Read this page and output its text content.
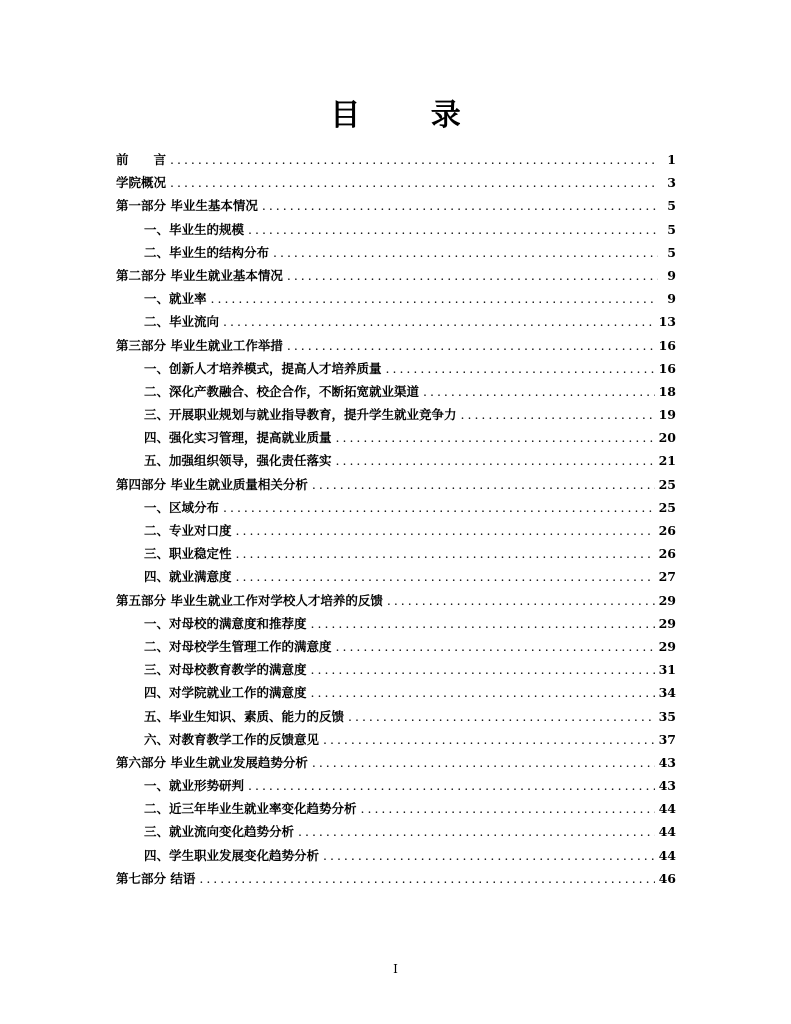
目 录
前　　言 .....	1
学院概况 .....	3
第一部分 毕业生基本情况 .....	5
一、毕业生的规模 .....	5
二、毕业生的结构分布 .....	5
第二部分 毕业生就业基本情况 .....	9
一、就业率 .....	9
二、毕业流向 .....	13
第三部分 毕业生就业工作举措 .....	16
一、创新人才培养模式，提高人才培养质量 .....	16
二、深化产教融合、校企合作，不断拓宽就业渠道 .....	18
三、开展职业规划与就业指导教育，提升学生就业竞争力 .....	19
四、强化实习管理，提高就业质量 .....	20
五、加强组织领导，强化责任落实 .....	21
第四部分 毕业生就业质量相关分析 .....	25
一、区域分布 .....	25
二、专业对口度 .....	26
三、职业稳定性 .....	26
四、就业满意度 .....	27
第五部分 毕业生就业工作对学校人才培养的反馈 .....	29
一、对母校的满意度和推荐度 .....	29
二、对母校学生管理工作的满意度 .....	29
三、对母校教育教学的满意度 .....	31
四、对学院就业工作的满意度 .....	34
五、毕业生知识、素质、能力的反馈 .....	35
六、对教育教学工作的反馈意见 .....	37
第六部分 毕业生就业发展趋势分析 .....	43
一、就业形势研判 .....	43
二、近三年毕业生就业率变化趋势分析 .....	44
三、就业流向变化趋势分析 .....	44
四、学生职业发展变化趋势分析 .....	44
第七部分 结语 .....	46
I
